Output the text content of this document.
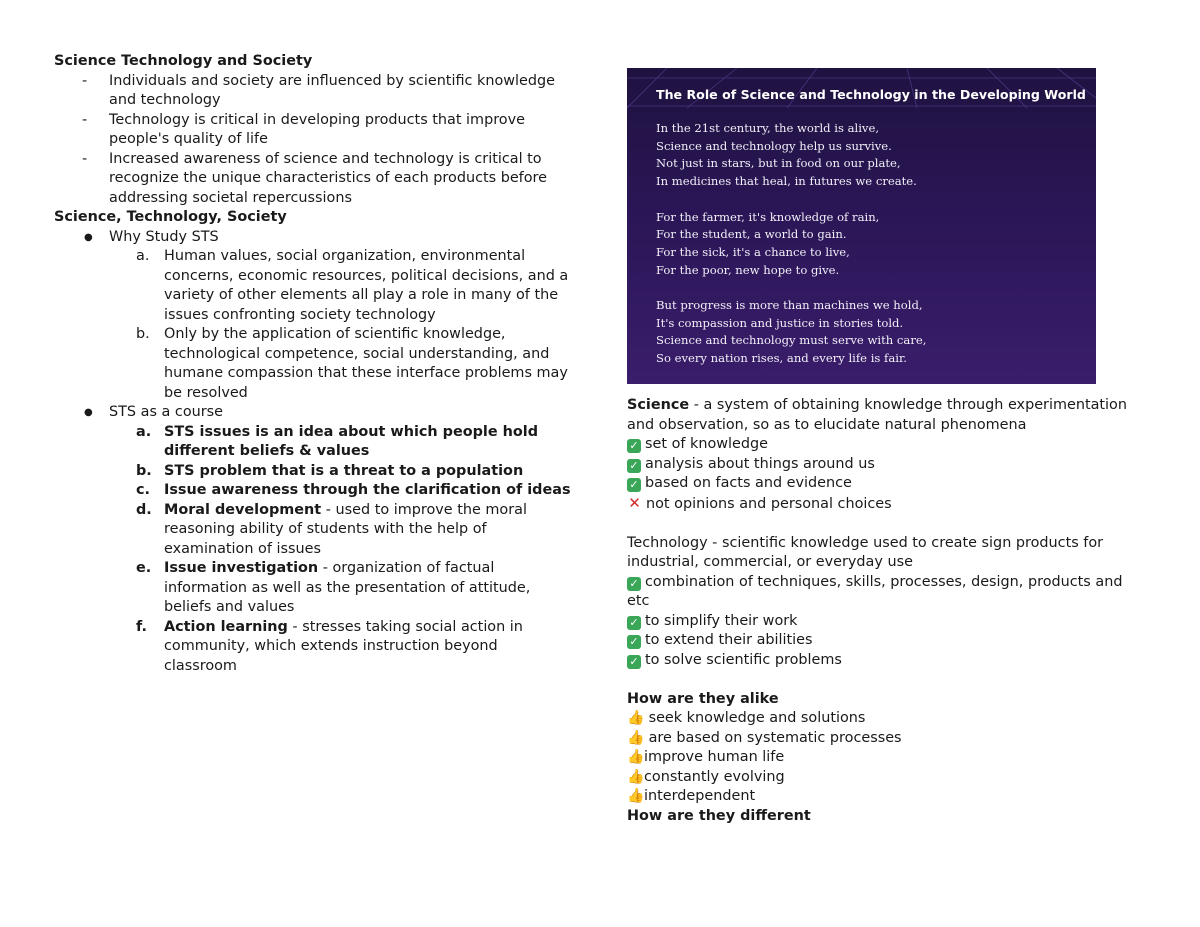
Science Technology and Society
- Individuals and society are influenced by scientific knowledge and technology
- Technology is critical in developing products that improve people's quality of life
- Increased awareness of science and technology is critical to recognize the unique characteristics of each products before addressing societal repercussions
Science, Technology, Society
● Why Study STS
a. Human values, social organization, environmental concerns, economic resources, political decisions, and a variety of other elements all play a role in many of the issues confronting society technology
b. Only by the application of scientific knowledge, technological competence, social understanding, and humane compassion that these interface problems may be resolved
● STS as a course
a. STS issues is an idea about which people hold different beliefs & values
b. STS problem that is a threat to a population
c. Issue awareness through the clarification of ideas
d. Moral development - used to improve the moral reasoning ability of students with the help of examination of issues
e. Issue investigation - organization of factual information as well as the presentation of attitude, beliefs and values
f. Action learning - stresses taking social action in community, which extends instruction beyond classroom
The Role of Science and Technology in the Developing World
In the 21st century, the world is alive,
Science and technology help us survive.
Not just in stars, but in food on our plate,
In medicines that heal, in futures we create.
For the farmer, it's knowledge of rain,
For the student, a world to gain.
For the sick, it's a chance to live,
For the poor, new hope to give.
But progress is more than machines we hold,
It's compassion and justice in stories told.
Science and technology must serve with care,
So every nation rises, and every life is fair.
Science - a system of obtaining knowledge through experimentation and observation, so as to elucidate natural phenomena
✓ set of knowledge
✓ analysis about things around us
✓ based on facts and evidence
✕ not opinions and personal choices
Technology - scientific knowledge used to create sign products for industrial, commercial, or everyday use
✓ combination of techniques, skills, processes, design, products and etc
✓ to simplify their work
✓ to extend their abilities
✓ to solve scientific problems
How are they alike
👍 seek knowledge and solutions
👍 are based on systematic processes
👍improve human life
👍constantly evolving
👍interdependent
How are they different
